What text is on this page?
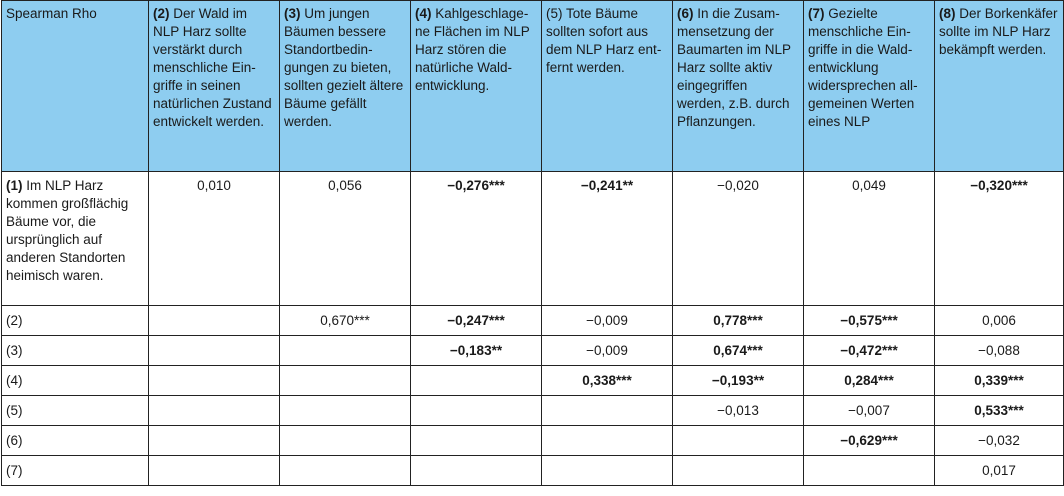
Spearman Rho	(2) Der Wald im NLP Harz sollte verstärkt durch menschliche Eingriffe in seinen natürlichen Zustand entwickelt werden.	(3) Um jungen Bäumen bessere Standortbedingungen zu bieten, sollten gezielt ältere Bäume gefällt werden.	(4) Kahlgeschlagene Flächen im NLP Harz stören die natürliche Waldentwicklung.	(5) Tote Bäume sollten sofort aus dem NLP Harz entfernt werden.	(6) In die Zusammensetzung der Baumarten im NLP Harz sollte aktiv eingegriffen werden, z.B. durch Pflanzungen.	(7) Gezielte menschliche Eingriffe in die Waldentwicklung widersprechen allgemeinen Werten eines NLP	(8) Der Borkenkäfer sollte im NLP Harz bekämpft werden.
(1) Im NLP Harz kommen großflächig Bäume vor, die ursprünglich auf anderen Standorten heimisch waren.	0,010	0,056	−0,276***	−0,241**	−0,020	0,049	−0,320***
(2)		0,670***	−0,247***	−0,009	0,778***	−0,575***	0,006
(3)			−0,183**	−0,009	0,674***	−0,472***	−0,088
(4)				0,338***	−0,193**	0,284***	0,339***
(5)					−0,013	−0,007	0,533***
(6)						−0,629***	−0,032
(7)							0,017
